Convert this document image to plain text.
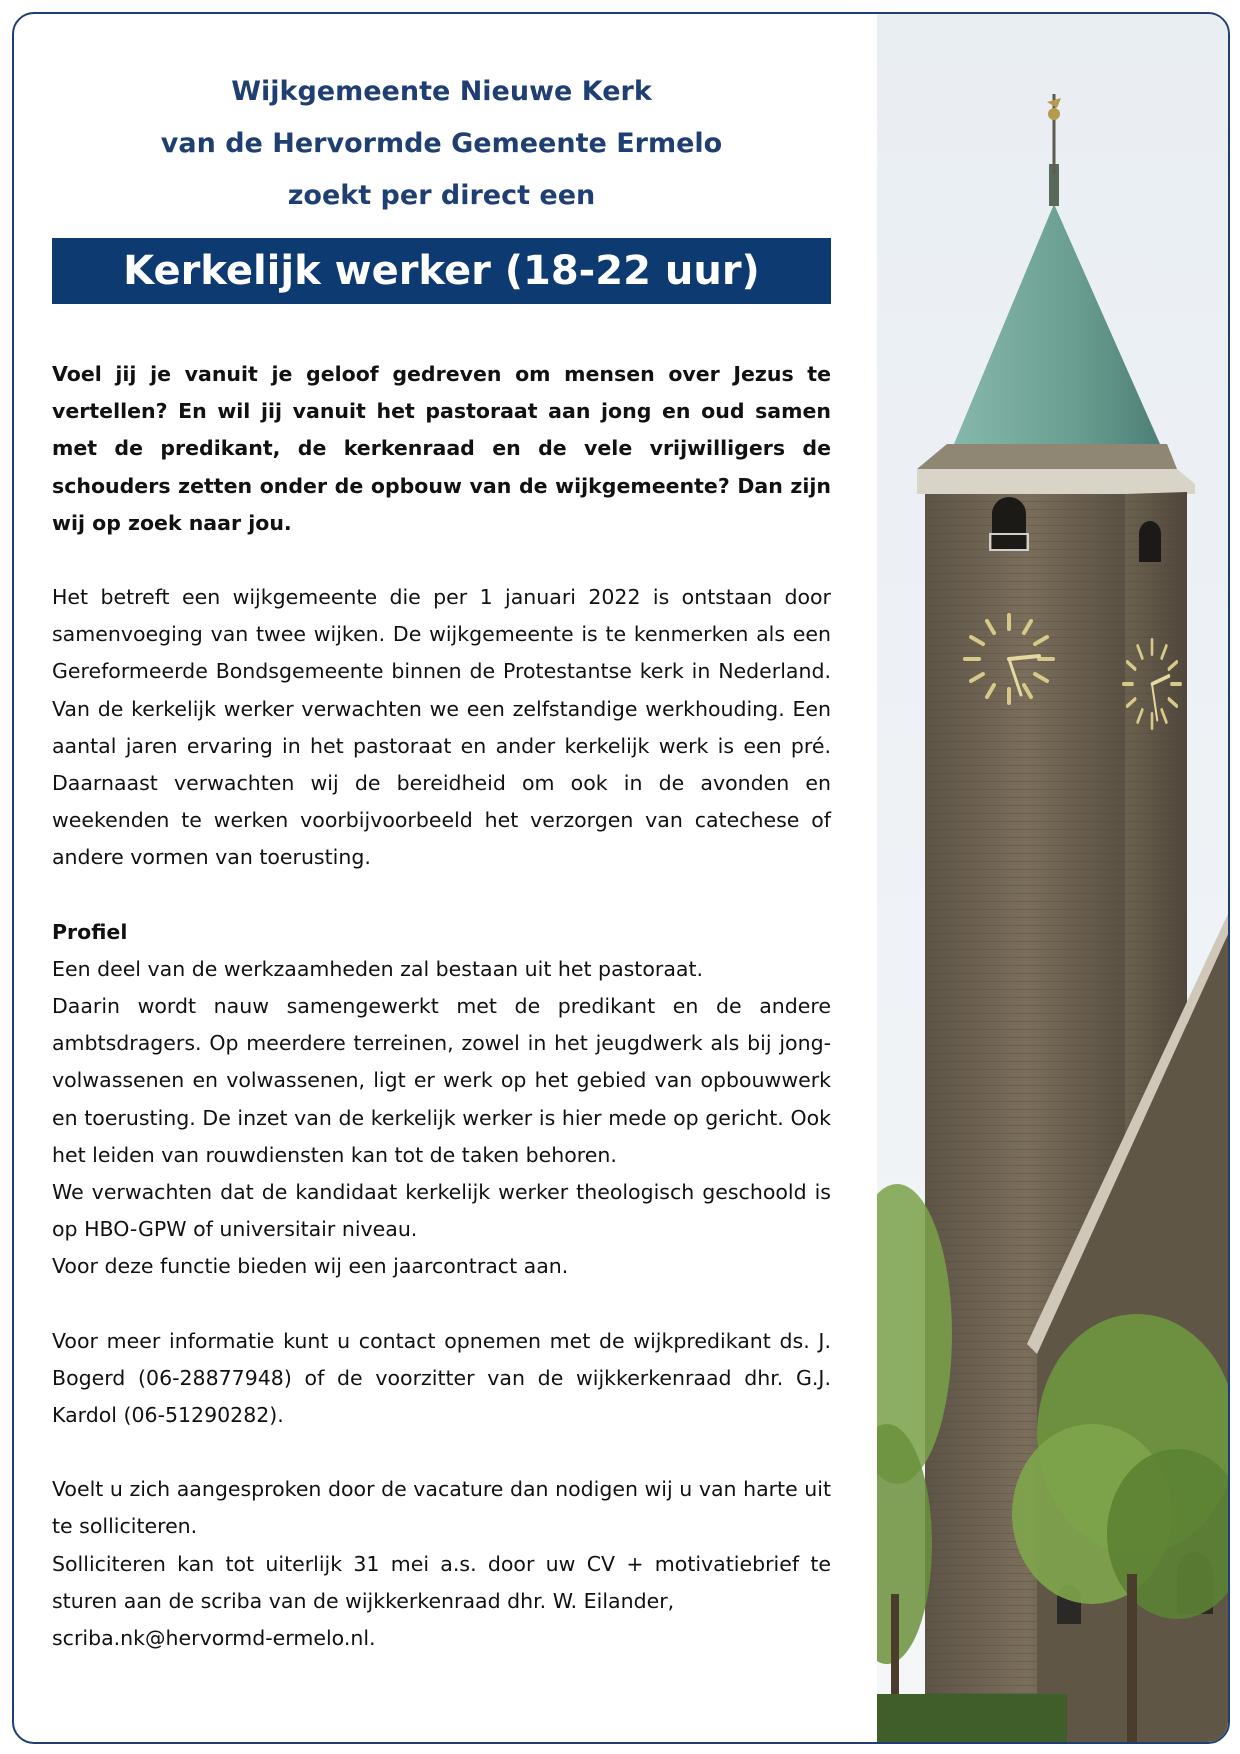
Wijkgemeente Nieuwe Kerk
van de Hervormde Gemeente Ermelo
zoekt per direct een
Kerkelijk werker (18-22 uur)

Voel jij je vanuit je geloof gedreven om mensen over Jezus te vertellen? En wil jij vanuit het pastoraat aan jong en oud samen met de predikant, de kerkenraad en de vele vrijwilligers de schouders zetten onder de opbouw van de wijkgemeente? Dan zijn wij op zoek naar jou.

Het betreft een wijkgemeente die per 1 januari 2022 is ontstaan door samenvoeging van twee wijken. De wijkgemeente is te kenmerken als een Gereformeerde Bondsgemeente binnen de Protestantse kerk in Nederland. Van de kerkelijk werker verwachten we een zelfstandige werkhouding. Een aantal jaren ervaring in het pastoraat en ander kerkelijk werk is een pré. Daarnaast verwachten wij de bereidheid om ook in de avonden en weekenden te werken voorbijvoorbeeld het verzorgen van catechese of andere vormen van toerusting.

Profiel

Een deel van de werkzaamheden zal bestaan uit het pastoraat.

Daarin wordt nauw samengewerkt met de predikant en de andere ambtsdragers. Op meerdere terreinen, zowel in het jeugdwerk als bij jong-volwassenen en volwassenen, ligt er werk op het gebied van opbouwwerk en toerusting. De inzet van de kerkelijk werker is hier mede op gericht. Ook het leiden van rouwdiensten kan tot de taken behoren.

We verwachten dat de kandidaat kerkelijk werker theologisch geschoold is op HBO-GPW of universitair niveau.

Voor deze functie bieden wij een jaarcontract aan.

Voor meer informatie kunt u contact opnemen met de wijkpredikant ds. J. Bogerd (06-28877948) of de voorzitter van de wijkkerkenraad dhr. G.J. Kardol (06-51290282).

Voelt u zich aangesproken door de vacature dan nodigen wij u van harte uit te solliciteren.

Solliciteren kan tot uiterlijk 31 mei a.s. door uw CV + motivatiebrief te sturen aan de scriba van de wijkkerkenraad dhr. W. Eilander,

scriba.nk@hervormd-ermelo.nl.
